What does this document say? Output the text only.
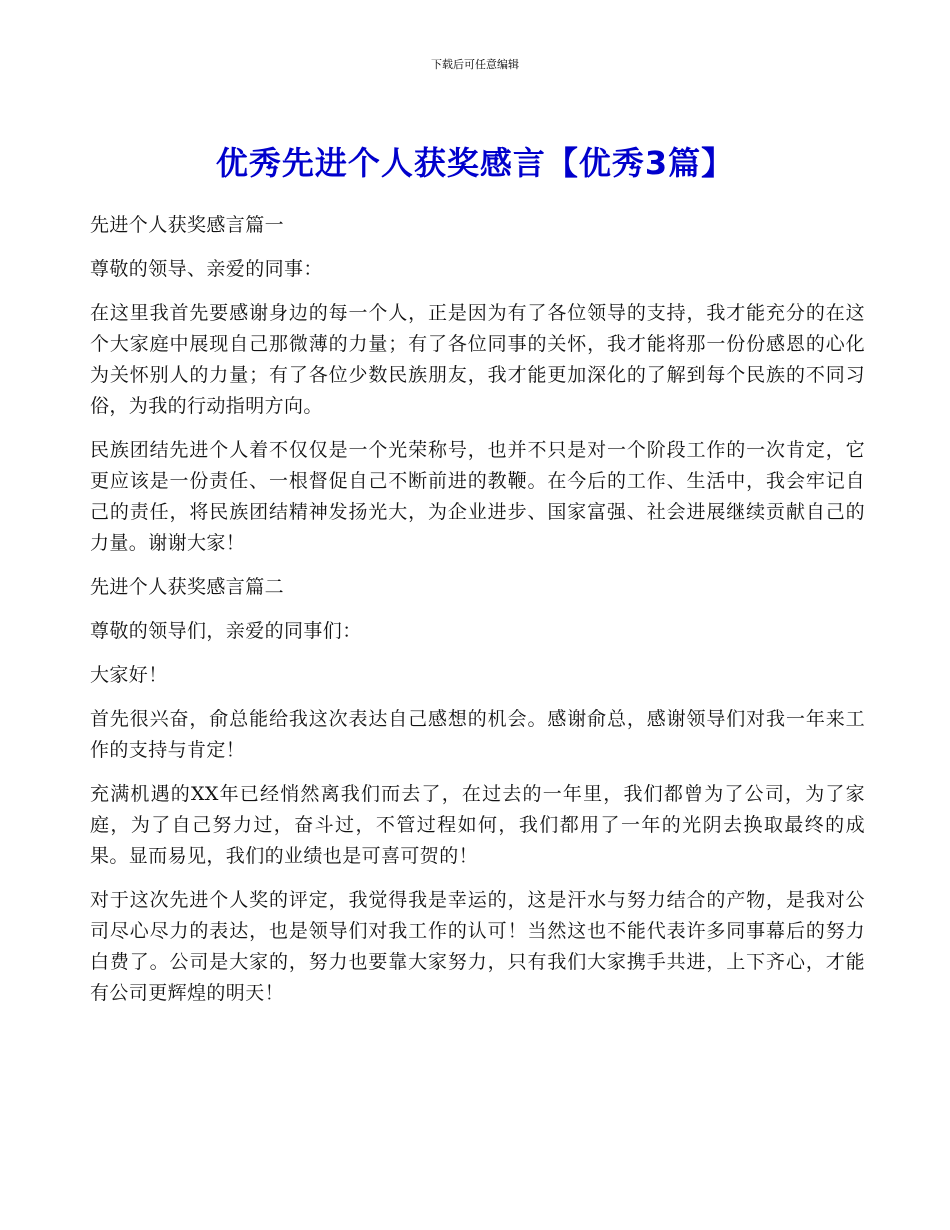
下载后可任意编辑
优秀先进个人获奖感言【优秀3篇】

先进个人获奖感言篇一

尊敬的领导、亲爱的同事：

在这里我首先要感谢身边的每一个人，正是因为有了各位领导的支持，我才能充分的在这个大家庭中展现自己那微薄的力量；有了各位同事的关怀，我才能将那一份份感恩的心化为关怀别人的力量；有了各位少数民族朋友，我才能更加深化的了解到每个民族的不同习俗，为我的行动指明方向。

民族团结先进个人着不仅仅是一个光荣称号，也并不只是对一个阶段工作的一次肯定，它更应该是一份责任、一根督促自己不断前进的教鞭。在今后的工作、生活中，我会牢记自己的责任，将民族团结精神发扬光大，为企业进步、国家富强、社会进展继续贡献自己的力量。谢谢大家！

先进个人获奖感言篇二

尊敬的领导们，亲爱的同事们：

大家好！

首先很兴奋，俞总能给我这次表达自己感想的机会。感谢俞总，感谢领导们对我一年来工作的支持与肯定！

充满机遇的XX年已经悄然离我们而去了，在过去的一年里，我们都曾为了公司，为了家庭，为了自己努力过，奋斗过，不管过程如何，我们都用了一年的光阴去换取最终的成果。显而易见，我们的业绩也是可喜可贺的！

对于这次先进个人奖的评定，我觉得我是幸运的，这是汗水与努力结合的产物，是我对公司尽心尽力的表达，也是领导们对我工作的认可！当然这也不能代表许多同事幕后的努力白费了。公司是大家的，努力也要靠大家努力，只有我们大家携手共进，上下齐心，才能有公司更辉煌的明天！
